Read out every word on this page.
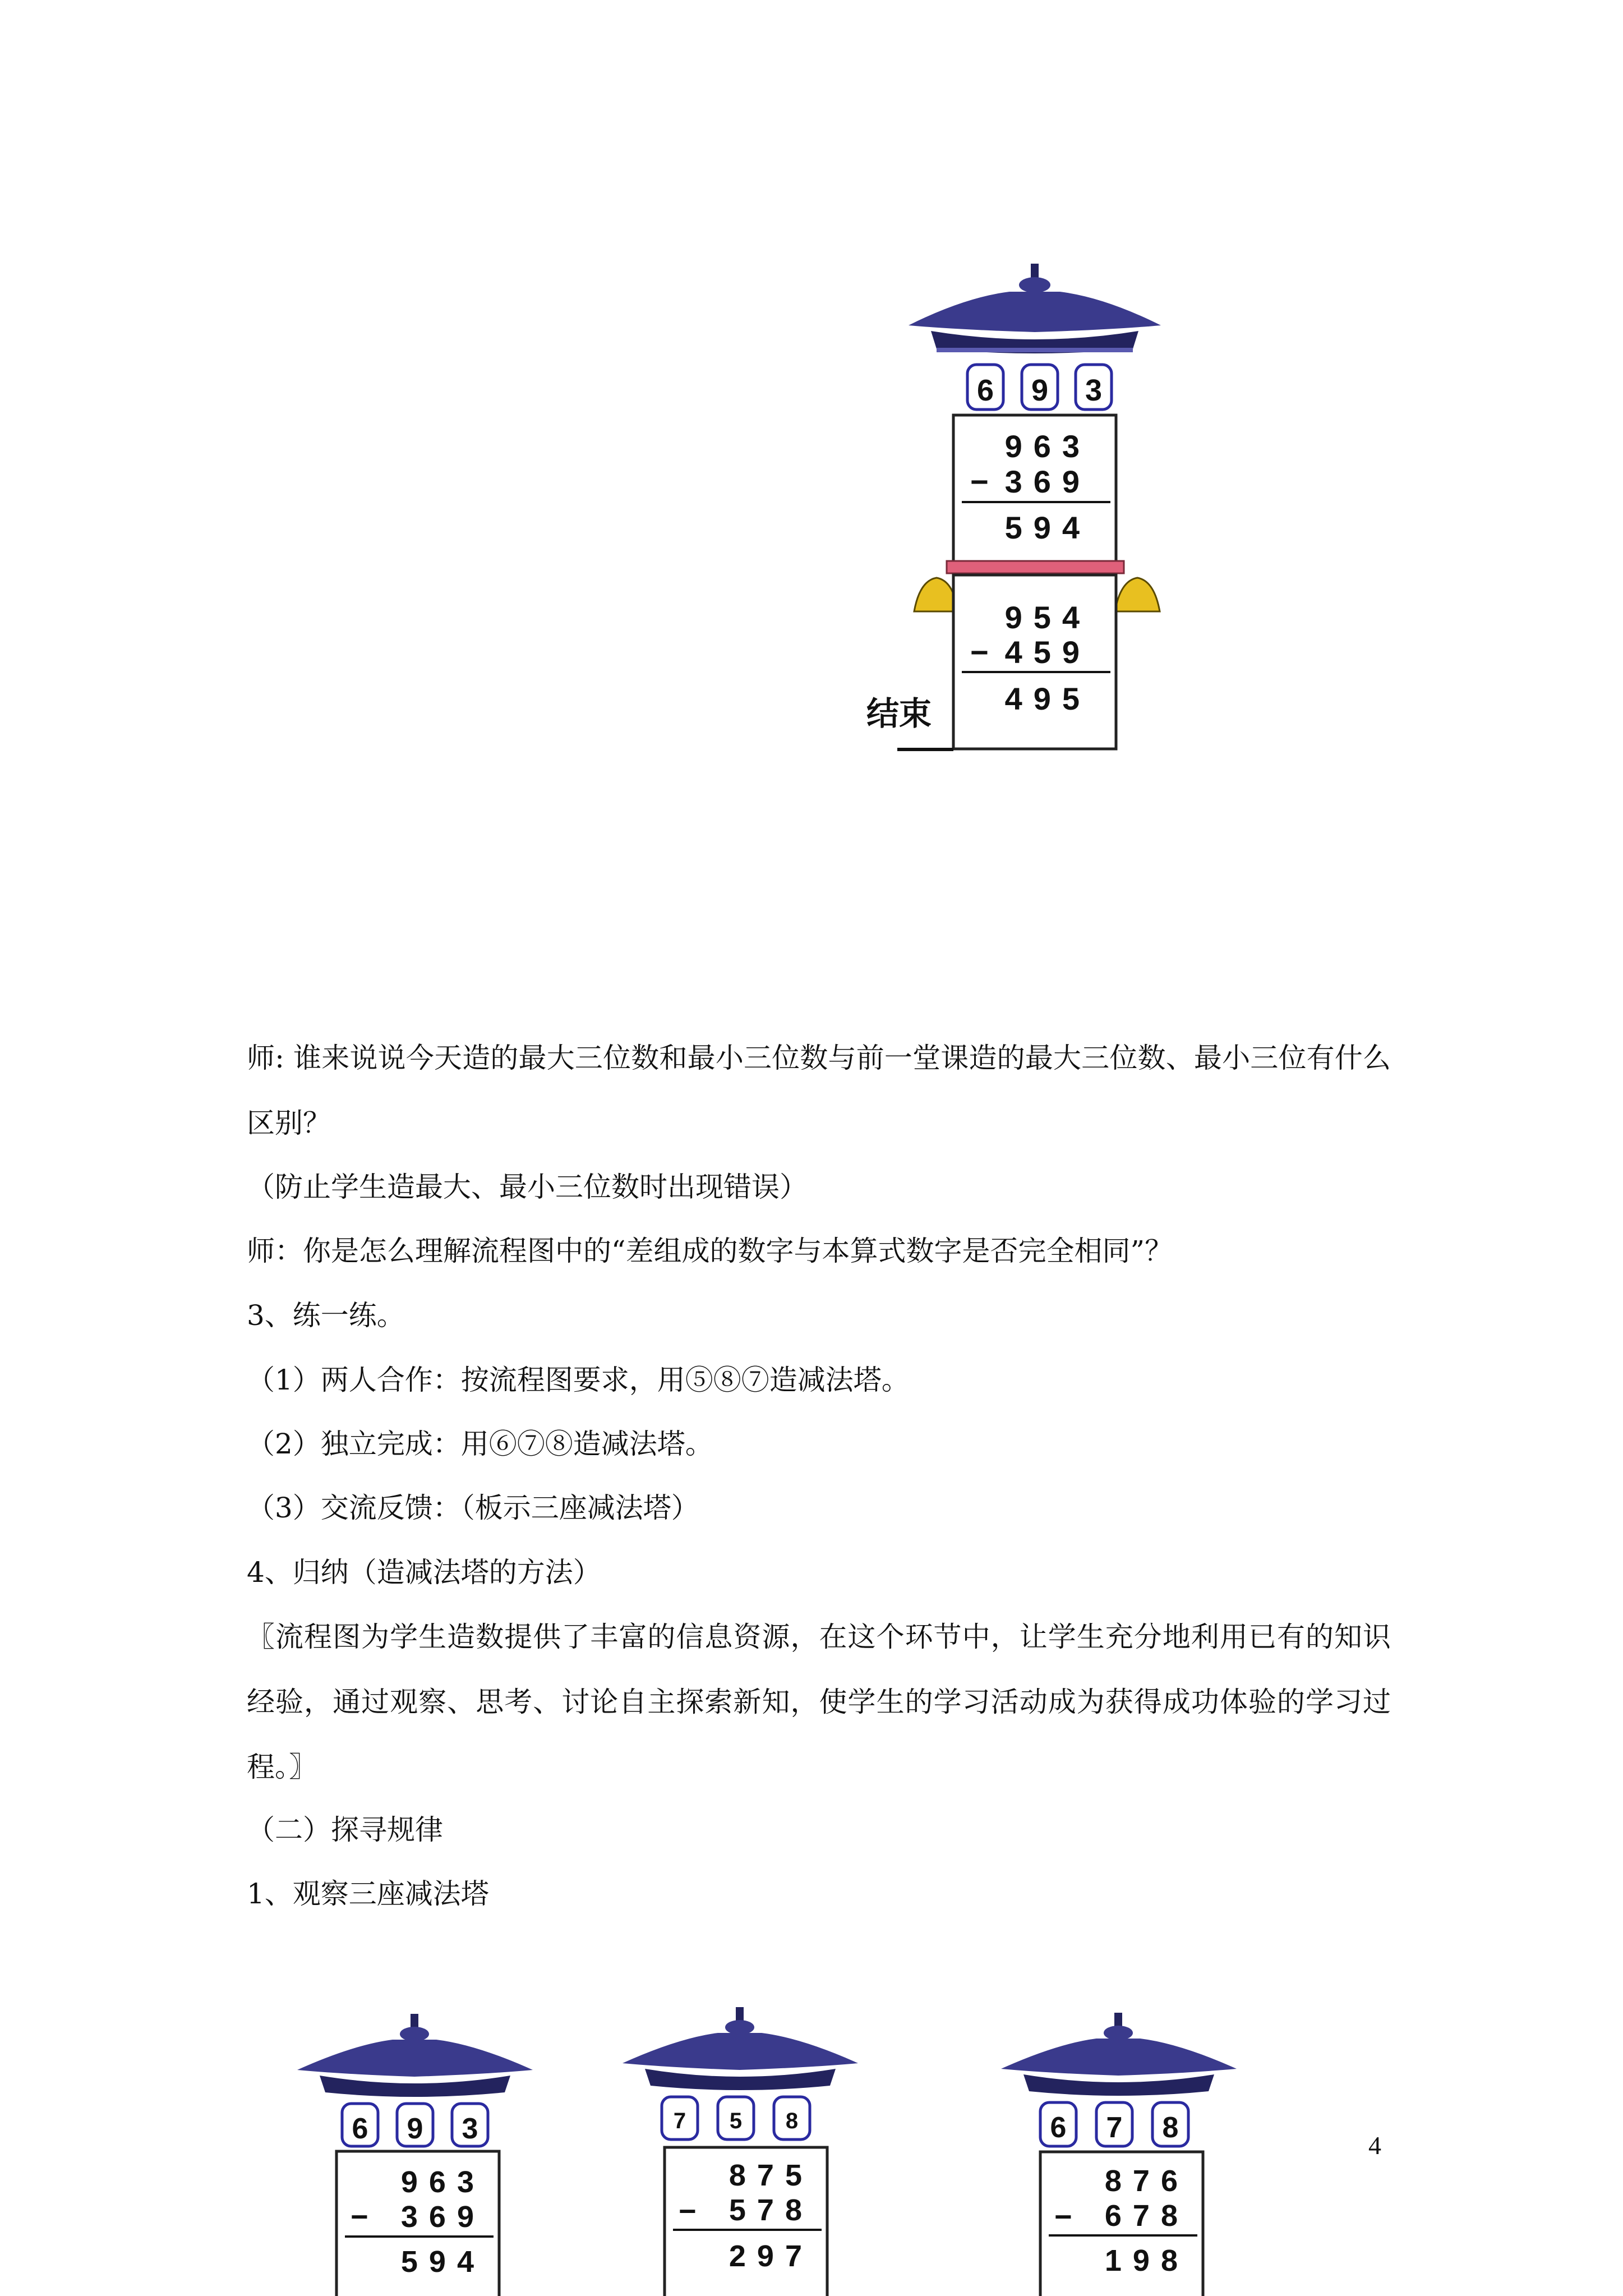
6 9 3
963
− 369
594
954
− 459
495
结束
师: 谁来说说今天造的最大三位数和最小三位数与前一堂课造的最大三位数、最小三位有什么区别？
（防止学生造最大、最小三位数时出现错误）
师：你是怎么理解流程图中的“差组成的数字与本算式数字是否完全相同”？
3、练一练。
（1）两人合作：按流程图要求，用⑤⑧⑦造减法塔。
（2）独立完成：用⑥⑦⑧造减法塔。
（3）交流反馈：（板示三座减法塔）
4、归纳（造减法塔的方法）
〖流程图为学生造数提供了丰富的信息资源，在这个环节中，让学生充分地利用已有的知识经验，通过观察、思考、讨论自主探索新知，使学生的学习活动成为获得成功体验的学习过程。〗
（二）探寻规律
1、观察三座减法塔
6 9 3
963
− 369
594
7 5 8
875
− 578
297
6 7 8
876
− 678
198
4
